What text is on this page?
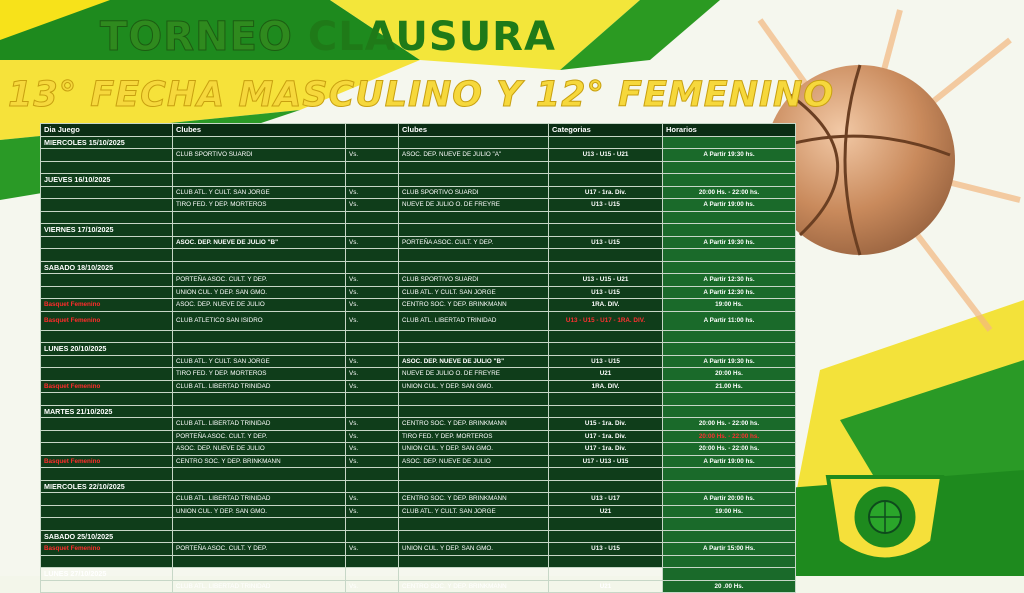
TORNEO CLAUSURA
13° FECHA MASCULINO Y 12° FEMENINO
Dia Juego	Clubes		Clubes	Categorias	Horarios
MIERCOLES 15/10/2025					
	CLUB SPORTIVO SUARDI	Vs.	ASOC. DEP. NUEVE DE JULIO "A"	U13 - U15 - U21	A Partir 19:30 hs.

JUEVES 16/10/2025					
	CLUB ATL. Y CULT. SAN JORGE	Vs.	CLUB SPORTIVO SUARDI	U17 - 1ra. Div.	20:00 Hs. - 22:00 hs.
	TIRO FED. Y DEP. MORTEROS	Vs.	NUEVE DE JULIO O. DE FREYRE	U13 - U15	A Partir 19:00 hs.

VIERNES 17/10/2025					
	ASOC. DEP. NUEVE DE JULIO "B"	Vs.	PORTEÑA ASOC. CULT. Y DEP.	U13 - U15	A Partir 19:30 hs.

SABADO 18/10/2025					
	PORTEÑA ASOC. CULT. Y DEP.	Vs.	CLUB SPORTIVO SUARDI	U13 - U15 - U21	A Partir 12:30 hs.
	UNION CUL. Y DEP. SAN GMO.	Vs.	CLUB ATL. Y CULT. SAN JORGE	U13 - U15	A Partir 12:30 hs.
Basquet Femenino	ASOC. DEP. NUEVE DE JULIO	Vs.	CENTRO SOC. Y DEP. BRINKMANN	1RA. DIV.	19:00 Hs.
Basquet Femenino	CLUB ATLETICO SAN ISIDRO	Vs.	CLUB ATL. LIBERTAD TRINIDAD	U13 - U15 - U17 - 1RA. DIV.	A Partir 11:00 hs.

LUNES 20/10/2025					
	CLUB ATL. Y CULT. SAN JORGE	Vs.	ASOC. DEP. NUEVE DE JULIO "B"	U13 - U15	A Partir 19:30 hs.
	TIRO FED. Y DEP. MORTEROS	Vs.	NUEVE DE JULIO O. DE FREYRE	U21	20:00 Hs.
Basquet Femenino	CLUB ATL. LIBERTAD TRINIDAD	Vs.	UNION CUL. Y DEP. SAN GMO.	1RA. DIV.	21.00 Hs.

MARTES 21/10/2025					
	CLUB ATL. LIBERTAD TRINIDAD	Vs.	CENTRO SOC. Y DEP. BRINKMANN	U15 - 1ra. Div.	20:00 Hs. - 22:00 hs.
	PORTEÑA ASOC. CULT. Y DEP.	Vs.	TIRO FED. Y DEP. MORTEROS	U17 - 1ra. Div.	20:00 Hs. - 22:00 hs.
	ASOC. DEP. NUEVE DE JULIO	Vs.	UNION CUL. Y DEP. SAN GMO.	U17 - 1ra. Div.	20:00 Hs. - 22:00 hs.
Basquet Femenino	CENTRO SOC. Y DEP. BRINKMANN	Vs.	ASOC. DEP. NUEVE DE JULIO	U17 - U13 - U15	A Partir 19:00 hs.

MIERCOLES 22/10/2025					
	CLUB ATL. LIBERTAD TRINIDAD	Vs.	CENTRO SOC. Y DEP. BRINKMANN	U13 - U17	A Partir 20:00 hs.
	UNION CUL. Y DEP. SAN GMO.	Vs.	CLUB ATL. Y CULT. SAN JORGE	U21	19:00 Hs.

SABADO 25/10/2025					
Basquet Femenino	PORTEÑA ASOC. CULT. Y DEP.	Vs.	UNION CUL. Y DEP. SAN GMO.	U13 - U15	A Partir 15:00 Hs.

LUNES 27/10/2025					
	CLUB ATL. LIBERTAD TRINIDAD	Vs.	CENTRO SOC. Y DEP. BRINKMANN	U21	20 .00 Hs.
